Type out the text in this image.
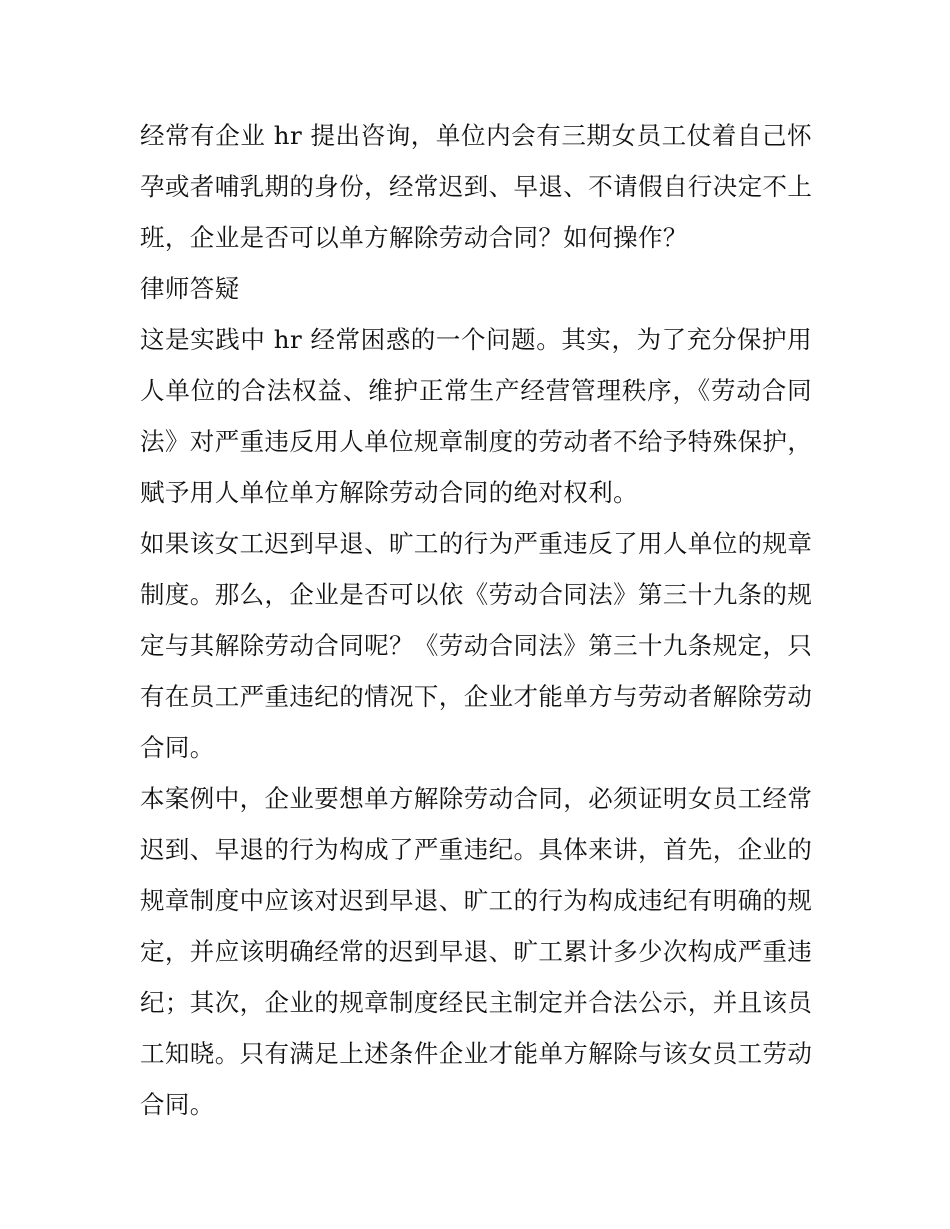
经常有企业 hr 提出咨询，单位内会有三期女员工仗着自己怀
孕或者哺乳期的身份，经常迟到、早退、不请假自行决定不上
班，企业是否可以单方解除劳动合同？如何操作？
律师答疑
这是实践中 hr 经常困惑的一个问题。其实，为了充分保护用
人单位的合法权益、维护正常生产经营管理秩序，《劳动合同
法》对严重违反用人单位规章制度的劳动者不给予特殊保护，
赋予用人单位单方解除劳动合同的绝对权利。
如果该女工迟到早退、旷工的行为严重违反了用人单位的规章
制度。那么，企业是否可以依《劳动合同法》第三十九条的规
定与其解除劳动合同呢？《劳动合同法》第三十九条规定，只
有在员工严重违纪的情况下，企业才能单方与劳动者解除劳动
合同。
本案例中，企业要想单方解除劳动合同，必须证明女员工经常
迟到、早退的行为构成了严重违纪。具体来讲，首先，企业的
规章制度中应该对迟到早退、旷工的行为构成违纪有明确的规
定，并应该明确经常的迟到早退、旷工累计多少次构成严重违
纪；其次，企业的规章制度经民主制定并合法公示，并且该员
工知晓。只有满足上述条件企业才能单方解除与该女员工劳动
合同。
